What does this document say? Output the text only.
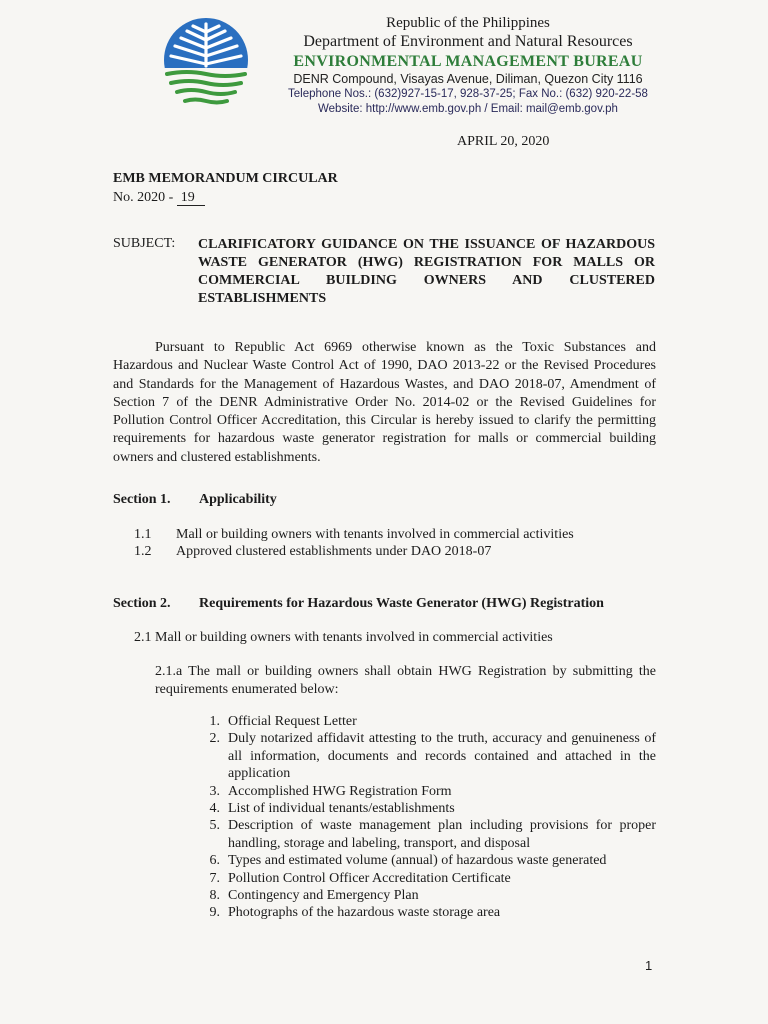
Republic of the Philippines
Department of Environment and Natural Resources
ENVIRONMENTAL MANAGEMENT BUREAU
DENR Compound, Visayas Avenue, Diliman, Quezon City 1116
Telephone Nos.: (632)927-15-17, 928-37-25; Fax No.: (632) 920-22-58
Website: http://www.emb.gov.ph / Email: mail@emb.gov.ph
APRIL 20, 2020
EMB MEMORANDUM CIRCULAR
No. 2020 - 19
SUBJECT: CLARIFICATORY GUIDANCE ON THE ISSUANCE OF HAZARDOUS
WASTE GENERATOR (HWG) REGISTRATION FOR MALLS OR
COMMERCIAL BUILDING OWNERS AND CLUSTERED
ESTABLISHMENTS
Pursuant to Republic Act 6969 otherwise known as the Toxic Substances and
Hazardous and Nuclear Waste Control Act of 1990, DAO 2013-22 or the Revised Procedures
and Standards for the Management of Hazardous Wastes, and DAO 2018-07, Amendment of
Section 7 of the DENR Administrative Order No. 2014-02 or the Revised Guidelines for
Pollution Control Officer Accreditation, this Circular is hereby issued to clarify the permitting
requirements for hazardous waste generator registration for malls or commercial building
owners and clustered establishments.
Section 1. Applicability
1.1 Mall or building owners with tenants involved in commercial activities
1.2 Approved clustered establishments under DAO 2018-07
Section 2. Requirements for Hazardous Waste Generator (HWG) Registration
2.1 Mall or building owners with tenants involved in commercial activities
2.1.a The mall or building owners shall obtain HWG Registration by submitting the
requirements enumerated below:
1. Official Request Letter
2. Duly notarized affidavit attesting to the truth, accuracy and genuineness of
all information, documents and records contained and attached in the
application
3. Accomplished HWG Registration Form
4. List of individual tenants/establishments
5. Description of waste management plan including provisions for proper
handling, storage and labeling, transport, and disposal
6. Types and estimated volume (annual) of hazardous waste generated
7. Pollution Control Officer Accreditation Certificate
8. Contingency and Emergency Plan
9. Photographs of the hazardous waste storage area
1
